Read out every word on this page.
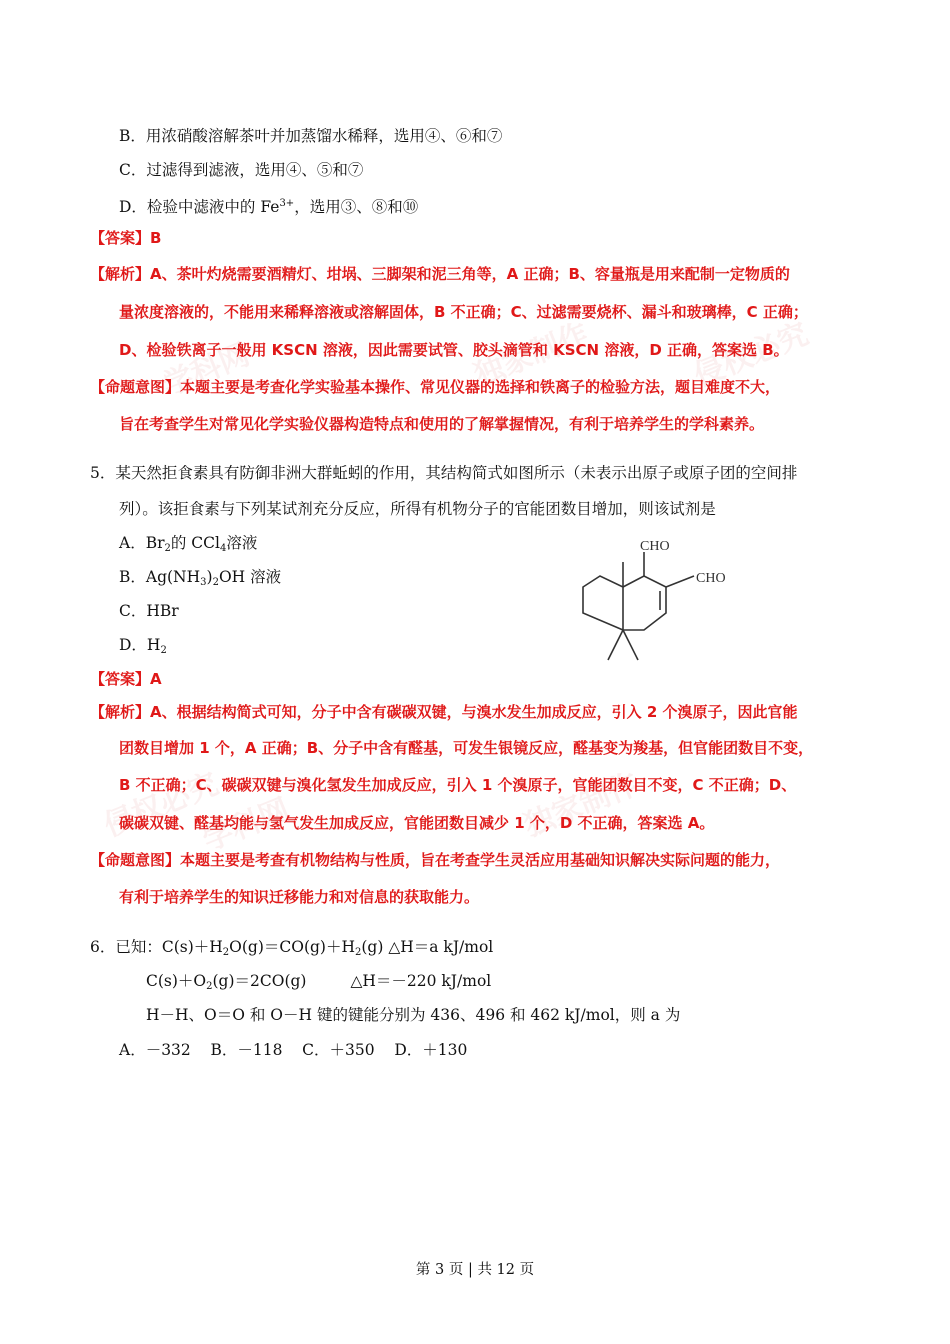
学科网	独家制作	侵权必究
学科网	独家制作
侵权必究
B．用浓硝酸溶解茶叶并加蒸馏水稀释，选用④、⑥和⑦
C．过滤得到滤液，选用④、⑤和⑦
D．检验中滤液中的 $Fe^{3+}$，选用③、⑧和⑩
【答案】B
【解析】A、茶叶灼烧需要酒精灯、坩埚、三脚架和泥三角等，A 正确；B、容量瓶是用来配制一定物质的
量浓度溶液的，不能用来稀释溶液或溶解固体，B 不正确；C、过滤需要烧杯、漏斗和玻璃棒，C 正确；
D、检验铁离子一般用 KSCN 溶液，因此需要试管、胶头滴管和 KSCN 溶液，D 正确，答案选 B。
【命题意图】本题主要是考查化学实验基本操作、常见仪器的选择和铁离子的检验方法，题目难度不大，
旨在考查学生对常见化学实验仪器构造特点和使用的了解掌握情况，有利于培养学生的学科素养。
5．某天然拒食素具有防御非洲大群蚯蚓的作用，其结构简式如图所示（未表示出原子或原子团的空间排
列）。该拒食素与下列某试剂充分反应，所得有机物分子的官能团数目增加，则该试剂是
A．$Br_2$的 CCl$_4$溶液
B．$Ag(NH_3)_2OH$ 溶液
C．HBr
D．$H_2$
CHO
CHO
【答案】A
【解析】A、根据结构简式可知，分子中含有碳碳双键，与溴水发生加成反应，引入 2 个溴原子，因此官能
团数目增加 1 个，A 正确；B、分子中含有醛基，可发生银镜反应，醛基变为羧基，但官能团数目不变，
B 不正确；C、碳碳双键与溴化氢发生加成反应，引入 1 个溴原子，官能团数目不变，C 不正确；D、
碳碳双键、醛基均能与氢气发生加成反应，官能团数目减少 1 个，D 不正确，答案选 A。
【命题意图】本题主要是考查有机物结构与性质，旨在考查学生灵活应用基础知识解决实际问题的能力，
有利于培养学生的知识迁移能力和对信息的获取能力。
6．已知：$C(s)+H_2O(g)=CO(g)+H_2(g)$ △H＝a kJ/mol
$C(s)+O_2(g)=2CO(g)$	△H＝－220 kJ/mol
H－H、O＝O 和 O－H 键的键能分别为 436、496 和 462 kJ/mol，则 a 为
A．－332    B．－118    C．＋350    D．＋130
第 3 页 | 共 12 页
